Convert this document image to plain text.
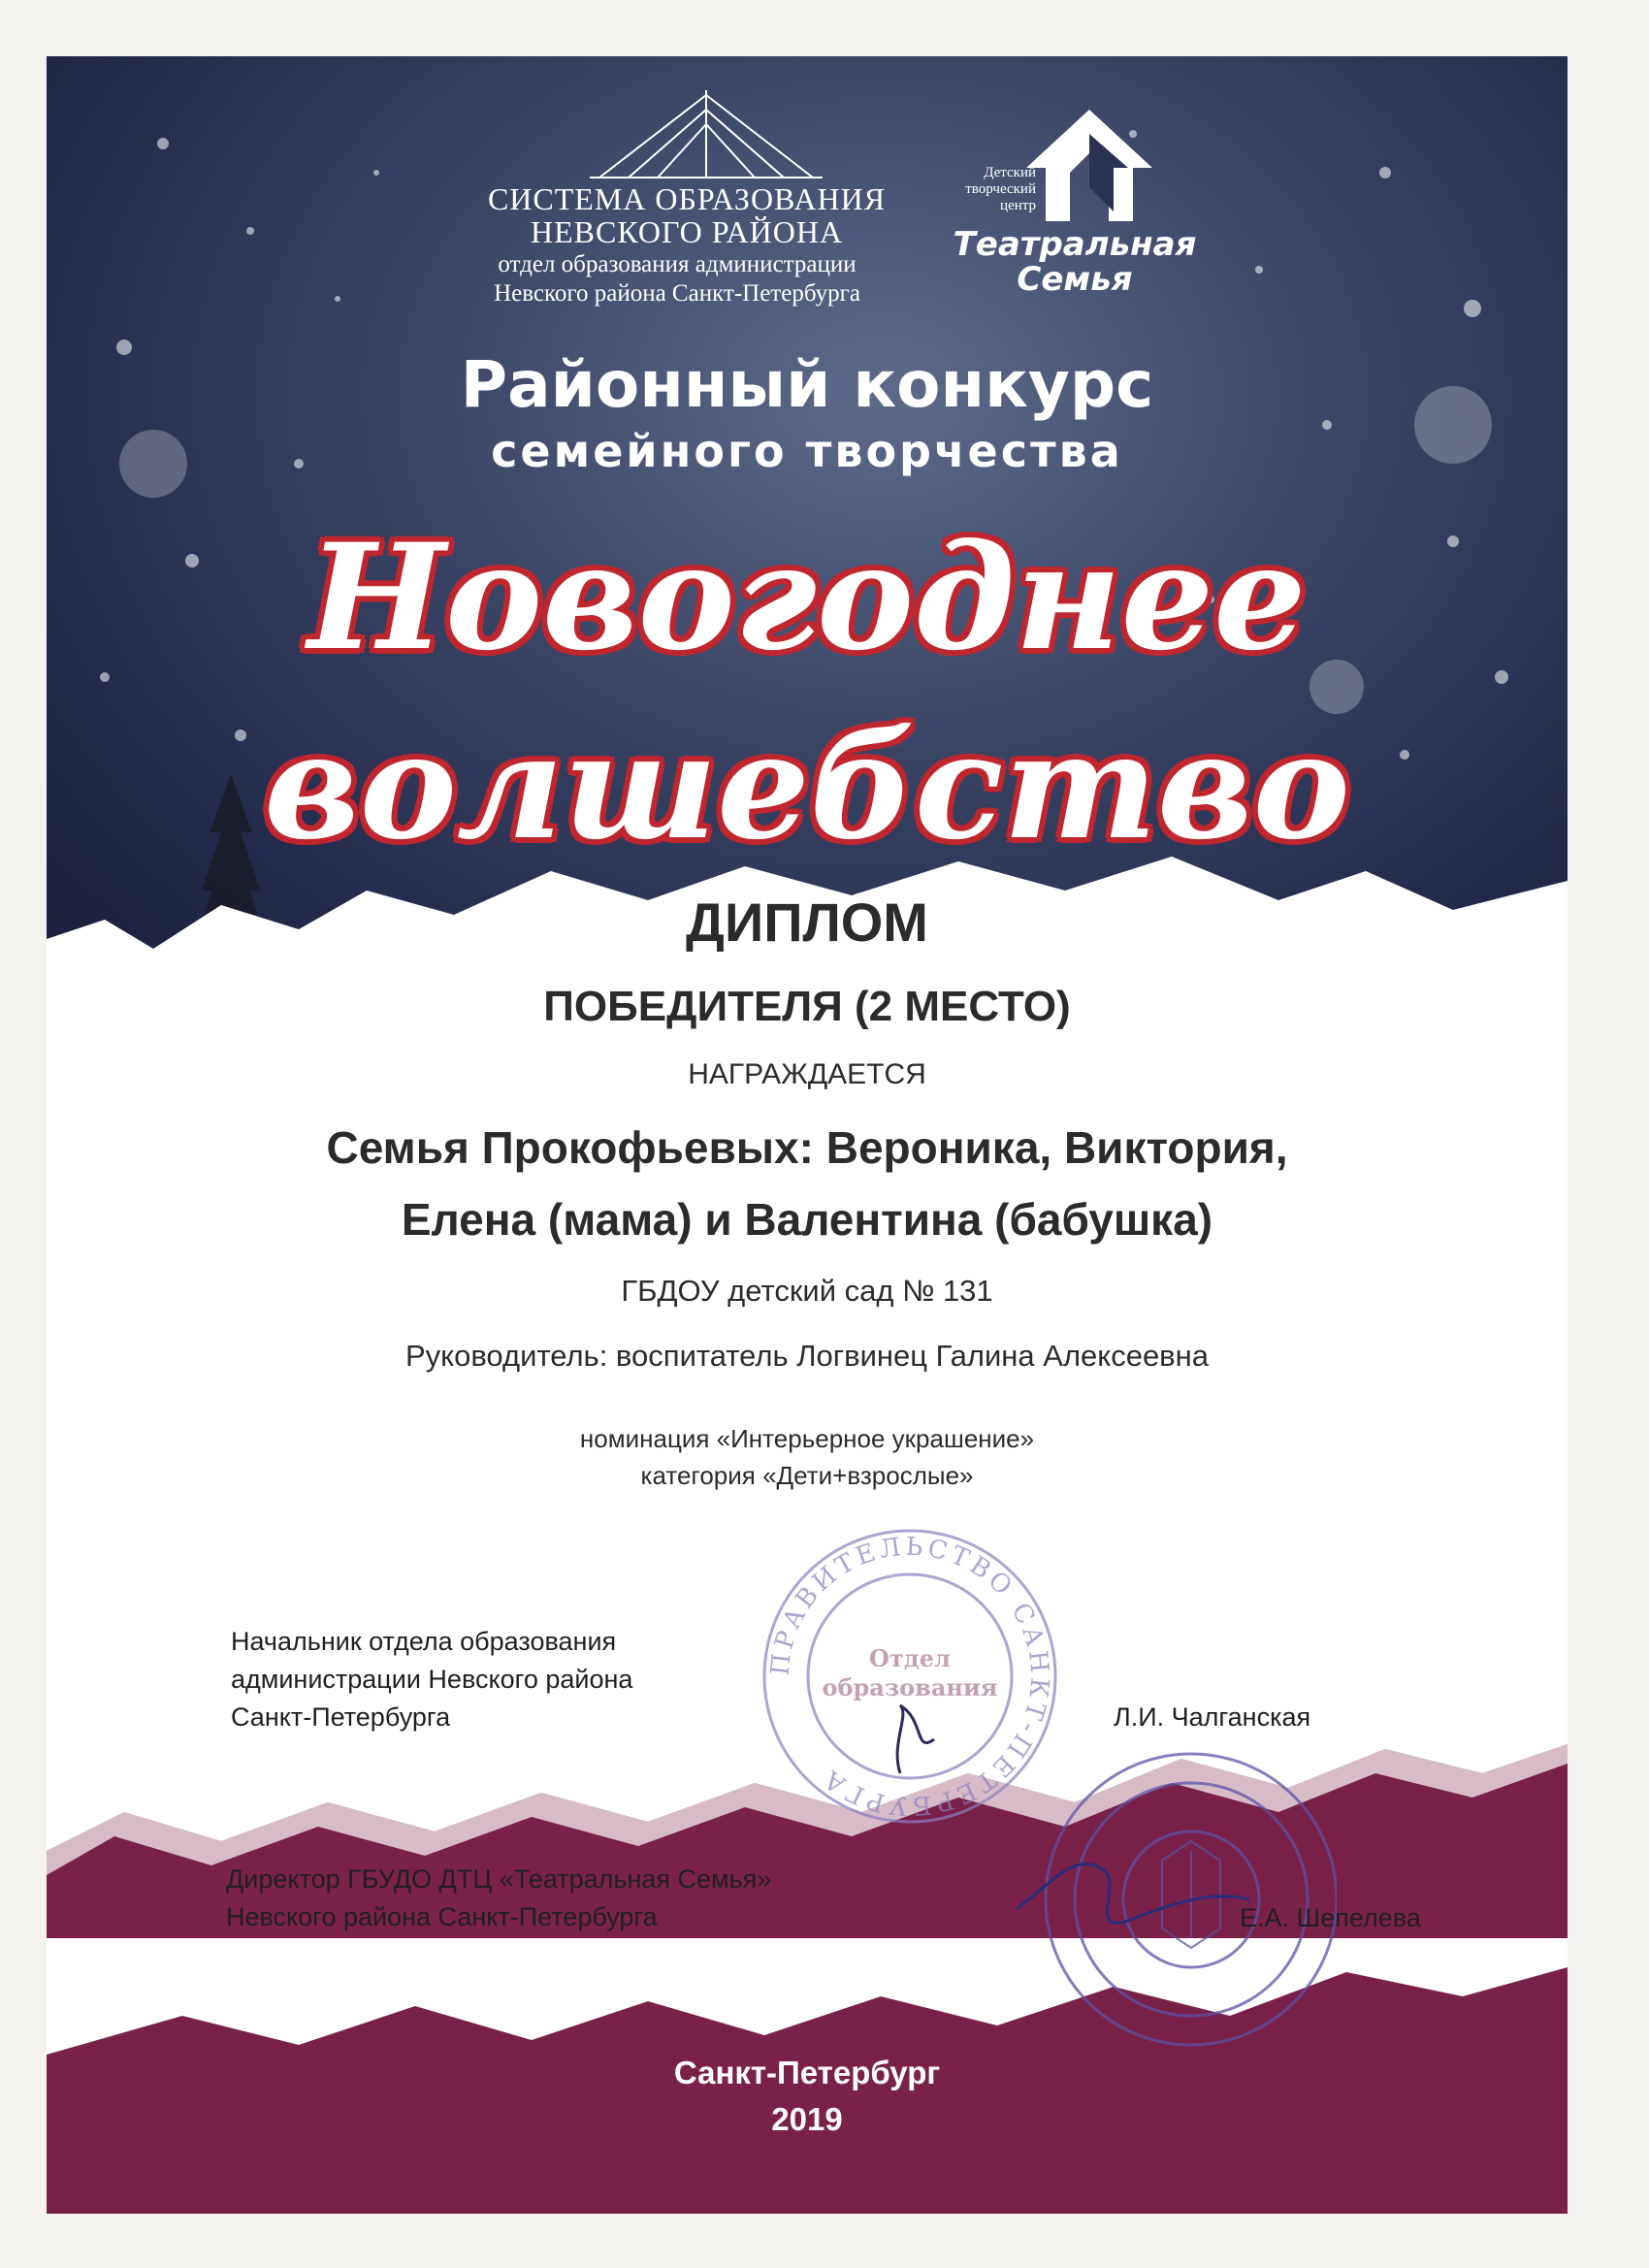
СИСТЕМА ОБРАЗОВАНИЯ
НЕВСКОГО РАЙОНА
отдел образования администрации
Невского района Санкт-Петербурга
Детский
творческий
центр
Театральная
Семья
Районный конкурс
семейного творчества
Новогоднее
волшебство
ДИПЛОМ
ПОБЕДИТЕЛЯ (2 МЕСТО)
НАГРАЖДАЕТСЯ
Семья Прокофьевых: Вероника, Виктория,
Елена (мама) и Валентина (бабушка)
ГБДОУ детский сад № 131
Руководитель: воспитатель Логвинец Галина Алексеевна
номинация «Интерьерное украшение»
категория «Дети+взрослые»
ПРАВИТЕЛЬСТВО САНКТ-ПЕТЕРБУРГА
Отдел
образования
Начальник отдела образования
администрации Невского района
Санкт-Петербурга	Л.И. Чалганская
Директор ГБУДО ДТЦ «Театральная Семья»
Невского района Санкт-Петербурга	Е.А. Шепелева
Санкт-Петербург
2019
